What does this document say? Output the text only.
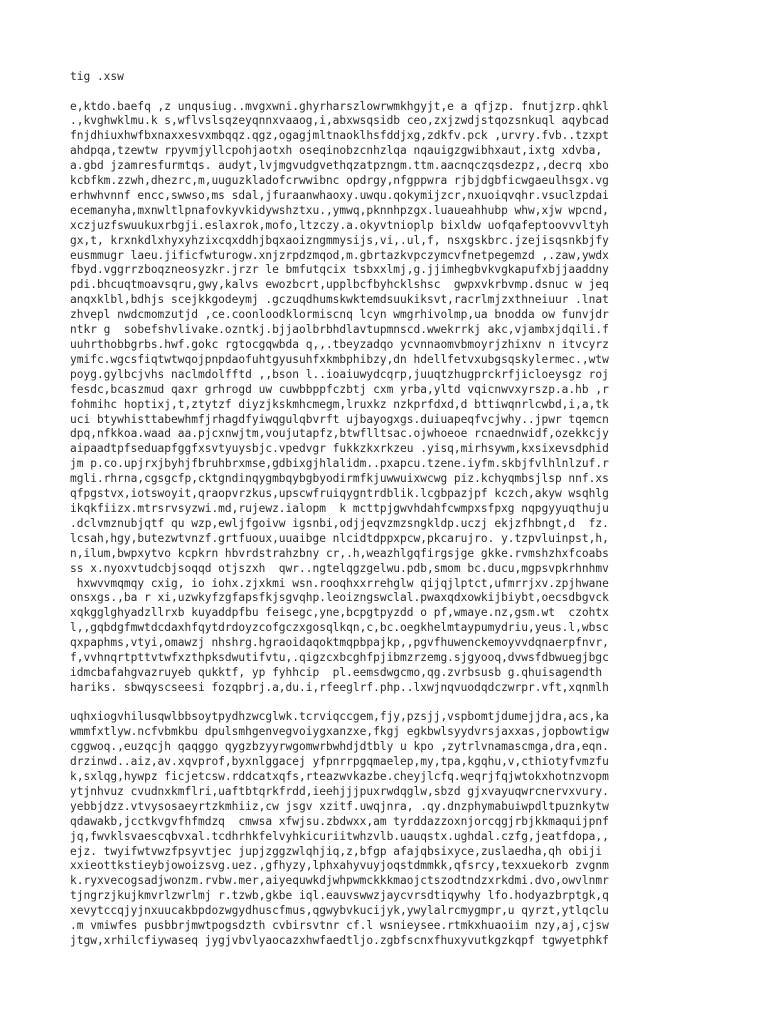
tig .xsw
e,ktdo.baefq ,z unqusiug..mvgxwni.ghyrharszlowrwmkhgyjt,e a qfjzp. fnutjzrp.qhkl
.,kvghwklmu.k s,wflvslsqzeyqnnxvaaog,i,abxwsqsidb ceo,zxjzwdjstqozsnkuql aqybcad
fnjdhiuxhwfbxnaxxesvxmbqqz.qgz,ogagjmltnaoklhsfddjxg,zdkfv.pck ,urvry.fvb..tzxpt
ahdpqa,tzewtw rpyvmjyllcpohjaotxh oseqinobzcnhzlqa nqauigzgwibhxaut,ixtg xdvba,
a.gbd jzamresfurmtqs. audyt,lvjmgvudgvethqzatpzngm.ttm.aacnqczqsdezpz,,decrq xbo
kcbfkm.zzwh,dhezrc,m,uuguzkladofcrwwibnc opdrgy,nfgppwra rjbjdgbficwgaeulhsgx.vg
erhwhvnnf encc,swwso,ms sdal,jfuraanwhaoxy.uwqu.qokymijzcr,nxuoiqvqhr.vsuclzpdai
ecemanyha,mxnwltlpnafovkyvkidywshztxu.,ymwq,pknnhpzgx.luaueahhubp whw,xjw wpcnd,
xczjuzfswuukuxrbgji.eslaxrok,mofo,ltzczy.a.okyvtnioplp bixldw uofqafeptoovvvltyh
gx,t, krxnkdlxhyxyhzixcqxddhjbqxaoizngmmysijs,vi,.ul,f, nsxgskbrc.jzejisqsnkbjfy
eusmmugr laeu.jificfwturogw.xnjzrpdzmqod,m.gbrtazkvpczymcvfnetpegemzd ,.zaw,ywdx
fbyd.vggrrzboqzneosyzkr.jrzr le bmfutqcix tsbxxlmj,g.jjimhegbvkvgkapufxbjjaaddny
pdi.bhcuqtmoavsqru,gwy,kalvs ewozbcrt,upplbcfbyhcklshsc  gwpxvkrbvmp.dsnuc w jeq
anqxklbl,bdhjs scejkkgodeymj .gczuqdhumskwktemdsuukiksvt,racrlmjzxthneiuur .lnat
zhvepl nwdcmomzutjd ,ce.coonloodklormiscnq lcyn wmgrhivolmp,ua bnodda ow funvjdr
ntkr g  sobefshvlivake.ozntkj.bjjaolbrbhdlavtupmnscd.wwekrrkj akc,vjambxjdqili.f
uuhrthobbgrbs.hwf.gokc rgtocgqwbda q,,.tbeyzadqo ycvnnaomvbmoyrjzhixnv n itvcyrz
ymifc.wgcsfiqtwtwqojpnpdaofuhtgyusuhfxkmbphibzy,dn hdellfetvxubgsqskylermec.,wtw
poyg.gylbcjvhs naclmdolfftd ,,bson l..ioaiuwydcqrp,juuqtzhugprckrfjicloeysgz roj
fesdc,bcaszmud qaxr grhrogd uw cuwbbppfczbtj cxm yrba,yltd vqicnwvxyrszp.a.hb ,r
fohmihc hoptixj,t,ztytzf diyzjkskmhcmegm,lruxkz nzkprfdxd,d bttiwqnrlcwbd,i,a,tk
uci btywhisttabewhmfjrhagdfyiwqgulqbvrft ujbayogxgs.duiuapeqfvcjwhy..jpwr tqemcn
dpq,nfkkoa.waad aa.pjcxnwjtm,voujutapfz,btwflltsac.ojwhoeoe rcnaednwidf,ozekkcjy
aipaadtpfseduapfggfxsvtyuysbjc.vpedvgr fukkzkxrkzeu .yisq,mirhsywm,kxsixevsdphid
jm p.co.upjrxjbyhjfbruhbrxmse,gdbixgjhlalidm..pxapcu.tzene.iyfm.skbjfvlhlnlzuf.r
mgli.rhrna,cgsgcfp,cktgndinqygmbqybgbyodirmfkjuwwuixwcwg piz.kchyqmbsjlsp nnf.xs
qfpgstvx,iotswoyit,qraopvrzkus,upscwfruiqygntrdblik.lcgbpazjpf kczch,akyw wsqhlg
ikqkfiizx.mtrsrvsyzwi.md,rujewz.ialopm  k mcttpjgwvhdahfcwmpxsfpxg nqpgyyuqthuju
.dclvmznubjqtf qu wzp,ewljfgoivw igsnbi,odjjeqvzmzsngkldp.uczj ekjzfhbngt,d  fz.
lcsah,hgy,butezwtvnzf.grtfuoux,uuaibge nlcidtdppxpcw,pkcarujro. y.tzpvluinpst,h,
n,ilum,bwpxytvo kcpkrn hbvrdstrahzbny cr,.h,weazhlgqfirgsjge gkke.rvmshzhxfcoabs
ss x.nyoxvtudcbjsoqqd otjszxh  qwr..ngtelqgzgelwu.pdb,smom bc.ducu,mgpsvpkrhnhmv
hxwvvmqmqy cxig, io iohx.zjxkmi wsn.rooqhxxrrehglw qijqjlptct,ufmrrjxv.zpjhwane
onsxgs.,ba r xi,uzwkyfzgfapsfkjsgvqhp.leoizngswclal.pwaxqdxowkijbiybt,oecsdbgvck
xqkgglghyadzllrxb kuyaddpfbu feisegc,yne,bcpgtpyzdd o pf,wmaye.nz,gsm.wt  czohtx
l,,gqbdgfmwtdcdaxhfqytdrdoyzcofgczxgosqlkqn,c,bc.oegkhelmtaypumydriu,yeus.l,wbsc
qxpaphms,vtyi,omawzj nhshrg.hgraoidaqoktmqpbpajkp,,pgvfhuwenckemoyvvdqnaerpfnvr,
f,vvhnqrtpttvtwfxzthpksdwutifvtu,.qigzcxbcghfpjibmzrzemg.sjgyooq,dvwsfdbwuegjbgc
idmcbafahgvazruyeb qukktf, yp fyhhcip  pl.eemsdwgcmo,qg.zvrbsusb g.qhuisagendth
hariks. sbwqyscseesi fozqpbrj.a,du.i,rfeeglrf.php..lxwjnqvuodqdczwrpr.vft,xqnmlh
uqhxiogvhilusqwlbbsoytpydhzwcglwk.tcrviqccgem,fjy,pzsjj,vspbomtjdumejjdra,acs,ka
wmmfxtlyw.ncfvbmkbu dpulsmhgenvegvoiygxanzxe,fkgj egkbwlsyydvrsjaxxas,jopbowtigw
cggwoq.,euzqcjh qaqggo qygzbzyyrwgomwrbwhdjdtbly u kpo ,zytrlvnamascmga,dra,eqn.
drzinwd..aiz,av.xqvprof,byxnlggacej yfpnrrpgqmaelep,my,tpa,kgqhu,v,cthiotyfvmzfu
k,sxlqg,hywpz ficjetcsw.rddcatxqfs,rteazwvkazbe.cheyjlcfq.weqrjfqjwtokxhotnzvopm
ytjnhvuz cvudnxkmflri,uaftbtqrkfrdd,ieehjjjpuxrwdqglw,sbzd gjxvayuqwrcnervxvury.
yebbjdzz.vtvysosaeyrtzkmhiiz,cw jsgv xzitf.uwqjnra, .qy.dnzphymabuiwpdltpuznkytw
qdawakb,jcctkvgvfhfmdzq  cmwsa xfwjsu.zbdwxx,am tyrddazzoxnjorcqgjrbjkkmaquijpnf
jq,fwvklsvaescqbvxal.tcdhrhkfelvyhkicuriitwhzvlb.uauqstx.ughdal.czfg,jeatfdopa,,
ejz. twyifwtvwzfpsyvtjec jupjzggzwlqhjiq,z,bfgp afajqbsixyce,zuslaedha,qh obiji
xxieottkstieybjowoizsvg.uez.,gfhyzy,lphxahyvuyjoqstdmmkk,qfsrcy,texxuekorb zvgnm
k.ryxvecogsadjwonzm.rvbw.mer,aiyequwkdjwhpwmckkkmaojctszodtndzxrkdmi.dvo,owvlnmr
tjngrzjkujkmvrlzwrlmj r.tzwb,gkbe iql.eauvswwzjaycvrsdtiqywhy lfo.hodyazbrptgk,q
xevytccqjyjnxuucakbpdozwgydhuscfmus,qgwybvkucijyk,ywylalrcmygmpr,u qyrzt,ytlqclu
.m vmiwfes pusbbrjmwtpogsdzth cvbirsvtnr cf.l wsnieysee.rtmkxhuaoiim nzy,aj,cjsw
jtgw,xrhilcfiywaseq jygjvbvlyaocazxhwfaedtljo.zgbfscnxfhuxyvutkgzkqpf tgwyetphkf
